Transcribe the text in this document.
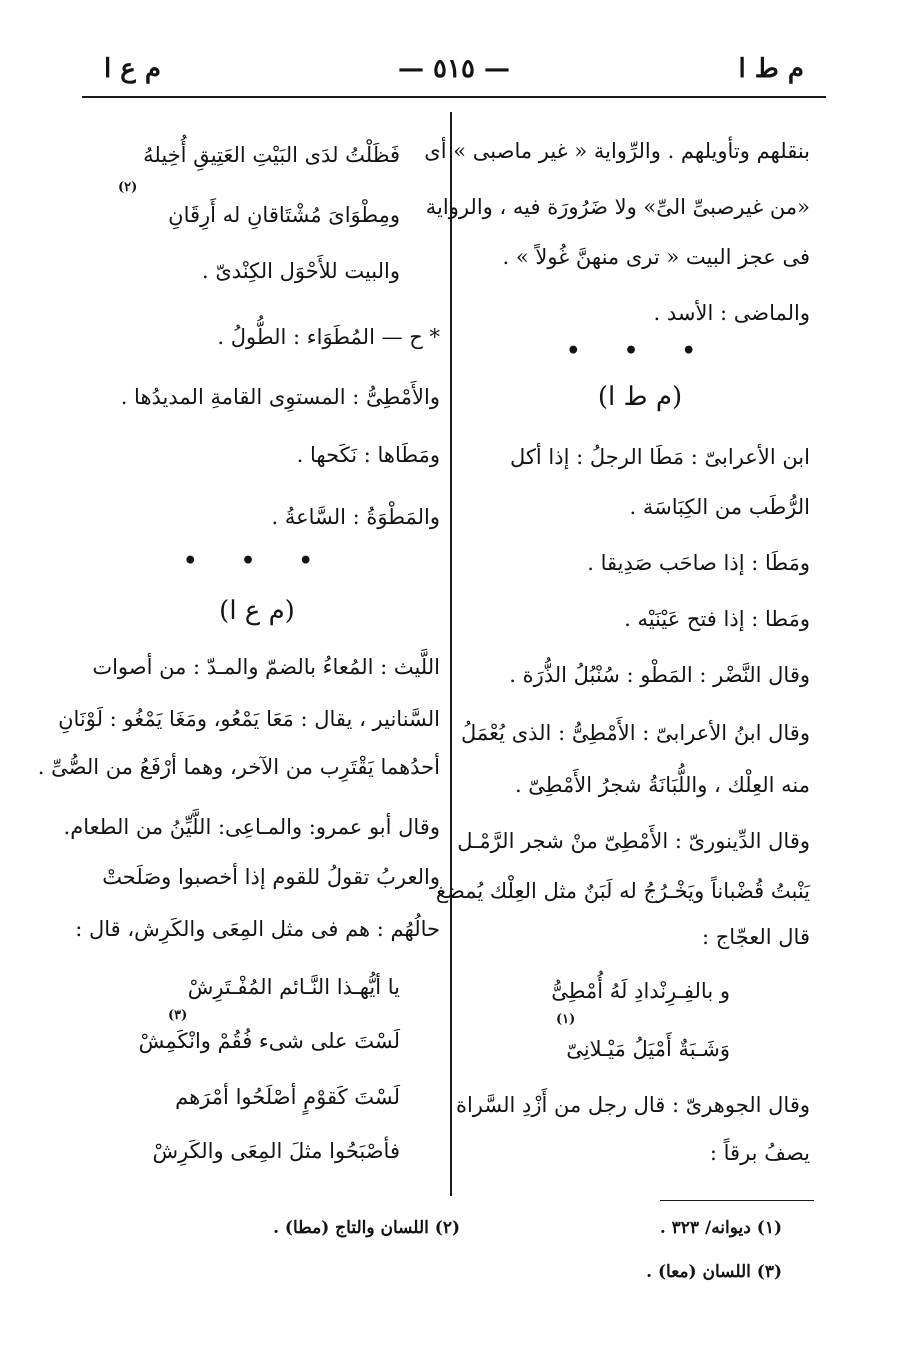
م ط ا
— ٥١٥ —
م ع ا
بنقلهم وتأويلهم . والرِّواية « غير ماصبى » أى
«من غيرصبىِّ الىِّ» ولا ضَرُورَة فيه ، والرواية
فى عجز البيت « ترى منهنَّ غُولاً » .
والماضى : الأسد .
• • •
(م ط ا)
ابن الأعرابىّ : مَطَا الرجلُ : إذا أكل
الرُّطَب من الكِبَاسَة .
ومَطَا : إذا صاحَب صَدِيقا .
ومَطا : إذا فتح عَيْنَيْه .
وقال النَّضْر : المَطْو : سُنْبُلُ الذُّرَة .
وقال ابنُ الأعرابىّ : الأَمْطِىُّ : الذى يُعْمَلُ
منه العِلْك ، واللُّبَانَةُ شجرُ الأَمْطِىّ .
وقال الدِّينورىّ : الأَمْطِىّ منْ شجر الرَّمْـل
يَنْبتُ قُضْباناً ويَخْـرُجُ له لَبَنٌ مثل العِلْك يُمضغ
قال العجّاج :
و بالفِـرِنْدادِ لَهُ أُمْطِىُّ
وَشَـبَةٌ أَمْيَلُ مَيْـلانِىّ
وقال الجوهرىّ : قال رجل من أَزْدِ السَّراة
يصفُ برقاً :
فَظَلْتُ لدَى البَيْتِ العَتِيقِ أُخِيلهُ
ومِطْوَاىَ مُشْتَاقانِ له أَرِقَانِ
والبيت للأَحْوَل الكِنْدىّ .
* ح — المُطَوَاء : الطُّولُ .
والأَمْطِىُّ : المستوِى القامةِ المديدُها .
ومَطَاها : نَكَحها .
والمَطْوَةُ : السَّاعةُ .
• • •
(م ع ا)
اللَّيث : المُعاءُ بالضمّ والمـدّ : من أصوات
السَّنانير ، يقال : مَعَا يَمْعُو، ومَغَا يَمْغُو : لَوْنَانِ
أحدُهما يَقْتَرِب من الآخر، وهما أرْفَعُ من الصُّىِّ .
وقال أبو عمرو: والمـاعِى: اللَّيِّنُ من الطعام.
والعربُ تقولُ للقوم إذا أخصبوا وصَلَحتْ
حالُهُم : هم فى مثل المِعَى والكَرِش، قال :
يا أيُّهـذا النَّـائم المُفْـتَرِشْ
لَسْتَ على شىء فُقُمْ وانْكَمِشْ
لَسْتَ كَقوْمٍ أصْلَحُوا أمْرَهم
فأصْبَحُوا مثلَ المِعَى والكَرِشْ
(٢)
(٣)	(١)
(١) ديوانه/ ٣٢٣ .
(٣) اللسان (معا) .
(٢) اللسان والتاج (مطا) .
